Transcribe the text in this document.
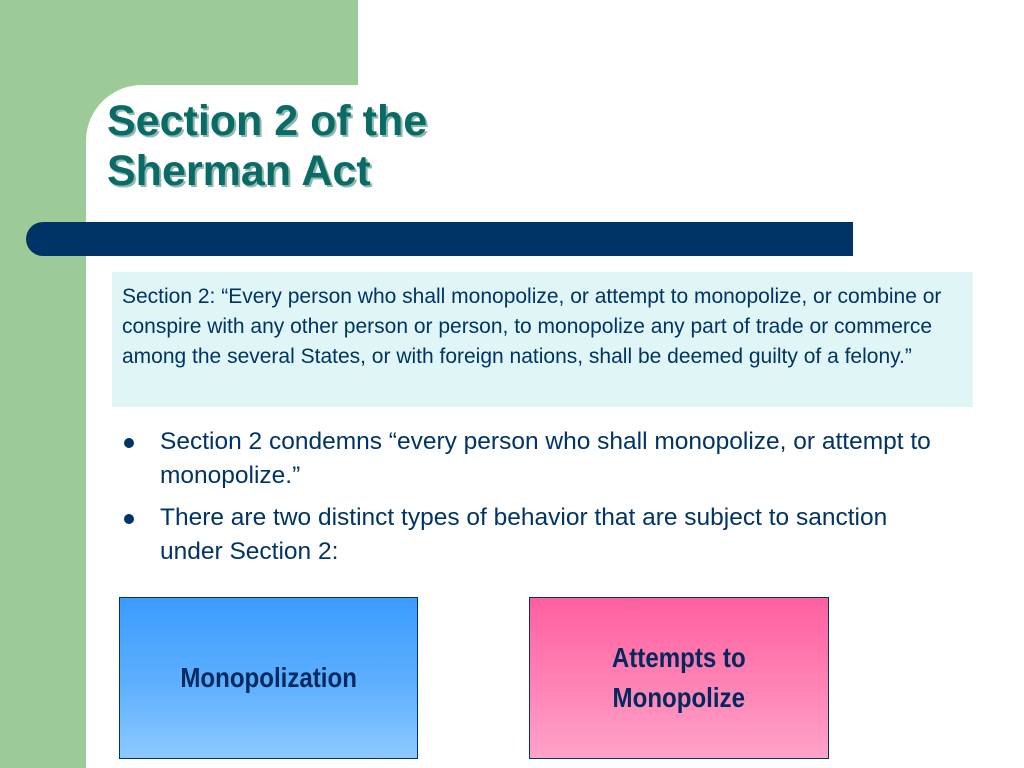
Section 2 of the
Sherman Act
Section 2: “Every person who shall monopolize, or attempt to monopolize, or combine or conspire with any other person or person, to monopolize any part of trade or commerce among the several States, or with foreign nations, shall be deemed guilty of a felony.”
Section 2 condemns “every person who shall monopolize, or attempt to monopolize.”
There are two distinct types of behavior that are subject to sanction under Section 2:
Monopolization
Attempts to
Monopolize
